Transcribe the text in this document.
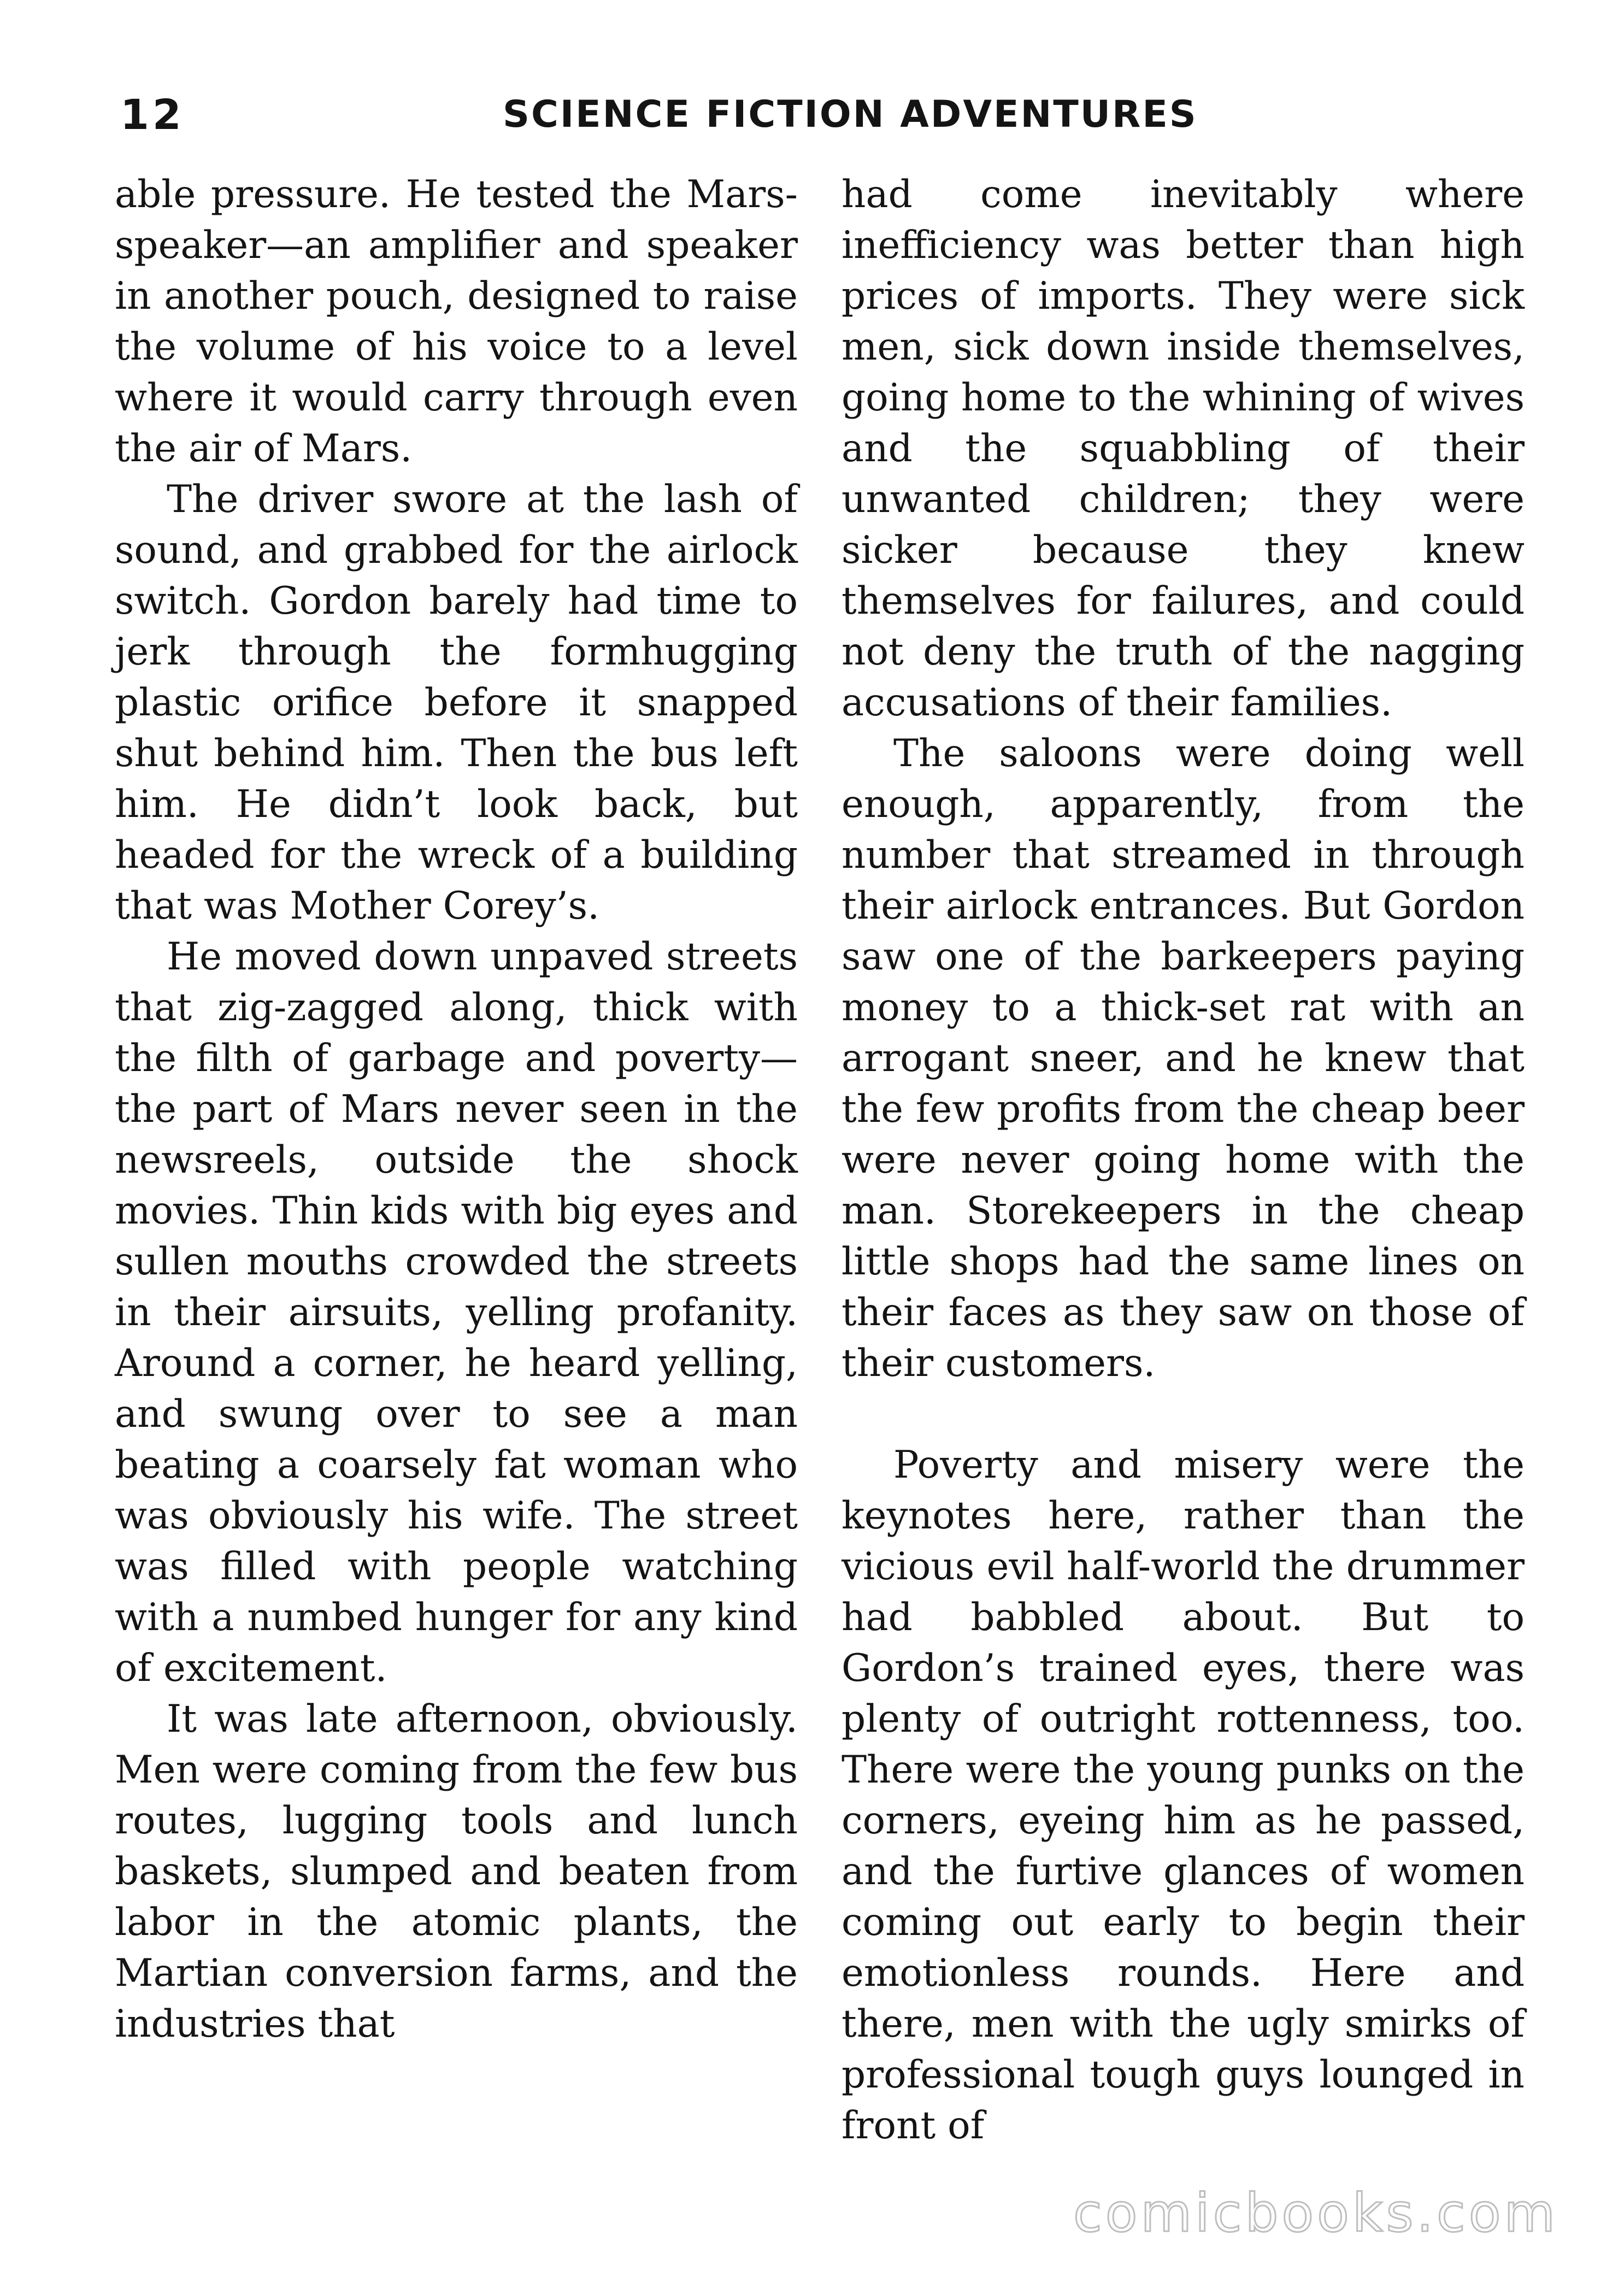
12	SCIENCE FICTION ADVENTURES

able pressure. He tested the Mars-speaker—an amplifier and speaker in another pouch, designed to raise the volume of his voice to a level where it would carry through even the air of Mars.

The driver swore at the lash of sound, and grabbed for the airlock switch. Gordon barely had time to jerk through the formhugging plastic orifice before it snapped shut behind him. Then the bus left him. He didn’t look back, but headed for the wreck of a building that was Mother Corey’s.

He moved down unpaved streets that zig-zagged along, thick with the filth of garbage and poverty—the part of Mars never seen in the newsreels, outside the shock movies. Thin kids with big eyes and sullen mouths crowded the streets in their airsuits, yelling profanity. Around a corner, he heard yelling, and swung over to see a man beating a coarsely fat woman who was obviously his wife. The street was filled with people watching with a numbed hunger for any kind of excitement.

It was late afternoon, obviously. Men were coming from the few bus routes, lugging tools and lunch baskets, slumped and beaten from labor in the atomic plants, the Martian conversion farms, and the industries that

had come inevitably where inefficiency was better than high prices of imports. They were sick men, sick down inside themselves, going home to the whining of wives and the squabbling of their unwanted children; they were sicker because they knew themselves for failures, and could not deny the truth of the nagging accusations of their families.

The saloons were doing well enough, apparently, from the number that streamed in through their airlock entrances. But Gordon saw one of the barkeepers paying money to a thick-set rat with an arrogant sneer, and he knew that the few profits from the cheap beer were never going home with the man. Storekeepers in the cheap little shops had the same lines on their faces as they saw on those of their customers.

Poverty and misery were the keynotes here, rather than the vicious evil half-world the drummer had babbled about. But to Gordon’s trained eyes, there was plenty of outright rottenness, too. There were the young punks on the corners, eyeing him as he passed, and the furtive glances of women coming out early to begin their emotionless rounds. Here and there, men with the ugly smirks of professional tough guys lounged in front of

comicbooks.com
